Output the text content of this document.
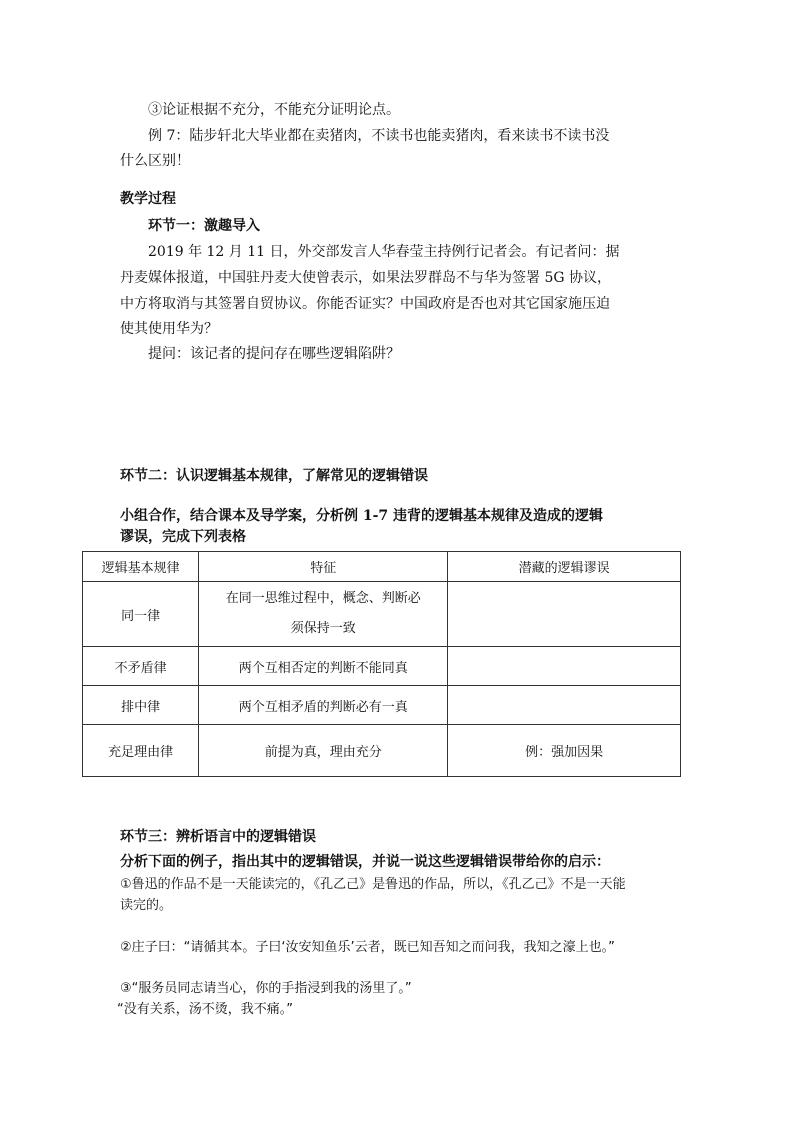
③论证根据不充分，不能充分证明论点。
例 7：陆步轩北大毕业都在卖猪肉，不读书也能卖猪肉，看来读书不读书没
什么区别！
教学过程
环节一：激趣导入
2019 年 12 月 11 日，外交部发言人华春莹主持例行记者会。有记者问：据
丹麦媒体报道，中国驻丹麦大使曾表示，如果法罗群岛不与华为签署 5G 协议，
中方将取消与其签署自贸协议。你能否证实？中国政府是否也对其它国家施压迫
使其使用华为？
提问：该记者的提问存在哪些逻辑陷阱？
环节二：认识逻辑基本规律，了解常见的逻辑错误
小组合作，结合课本及导学案，分析例 1-7 违背的逻辑基本规律及造成的逻辑
谬误，完成下列表格
逻辑基本规律	特征	潜藏的逻辑谬误
同一律	在同一思维过程中，概念、判断必
须保持一致	

不矛盾律	两个互相否定的判断不能同真	
排中律	两个互相矛盾的判断必有一真	
充足理由律	前提为真，理由充分	例：强加因果
环节三：辨析语言中的逻辑错误
分析下面的例子，指出其中的逻辑错误，并说一说这些逻辑错误带给你的启示：
①鲁迅的作品不是一天能读完的，《孔乙己》是鲁迅的作品，所以，《孔乙己》不是一天能
读完的。
②庄子曰：“请循其本。子曰‘汝安知鱼乐’云者，既已知吾知之而问我，我知之濠上也。”
③“服务员同志请当心，你的手指浸到我的汤里了。”
“没有关系，汤不烫，我不痛。”
